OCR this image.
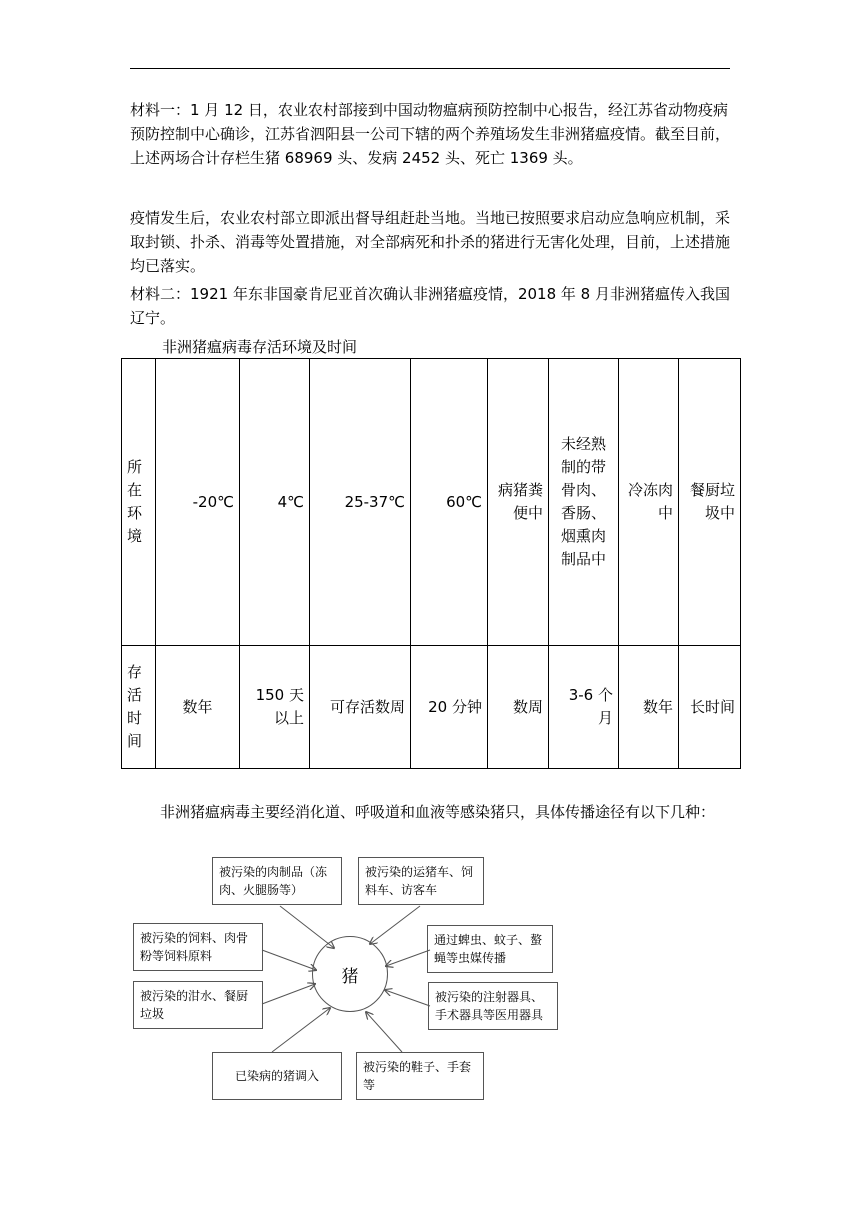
材料一：1 月 12 日，农业农村部接到中国动物瘟病预防控制中心报告，经江苏省动物疫病预防控制中心确诊，江苏省泗阳县一公司下辖的两个养殖场发生非洲猪瘟疫情。截至目前，上述两场合计存栏生猪 68969 头、发病 2452 头、死亡 1369 头。

疫情发生后，农业农村部立即派出督导组赶赴当地。当地已按照要求启动应急响应机制，采取封锁、扑杀、消毒等处置措施，对全部病死和扑杀的猪进行无害化处理，目前，上述措施均已落实。

材料二：1921 年东非国豪肯尼亚首次确认非洲猪瘟疫情，2018 年 8 月非洲猪瘟传入我国辽宁。

非洲猪瘟病毒存活环境及时间
所在环境	-20℃	4℃	25-37℃	60℃	病猪粪便中	未经熟制的带骨肉、香肠、烟熏肉制品中	冷冻肉中	餐厨垃圾中
存活时间	数年	150 天以上	可存活数周	20 分钟	数周	3-6 个月	数年	长时间

非洲猪瘟病毒主要经消化道、呼吸道和血液等感染猪只，具体传播途径有以下几种：

被污染的肉制品（冻肉、火腿肠等）
被污染的运猪车、饲料车、访客车
被污染的饲料、肉骨粉等饲料原料
通过蜱虫、蚊子、螯蝇等虫媒传播
被污染的泔水、餐厨垃圾
被污染的注射器具、手术器具等医用器具
已染病的猪调入
被污染的鞋子、手套等
猪
